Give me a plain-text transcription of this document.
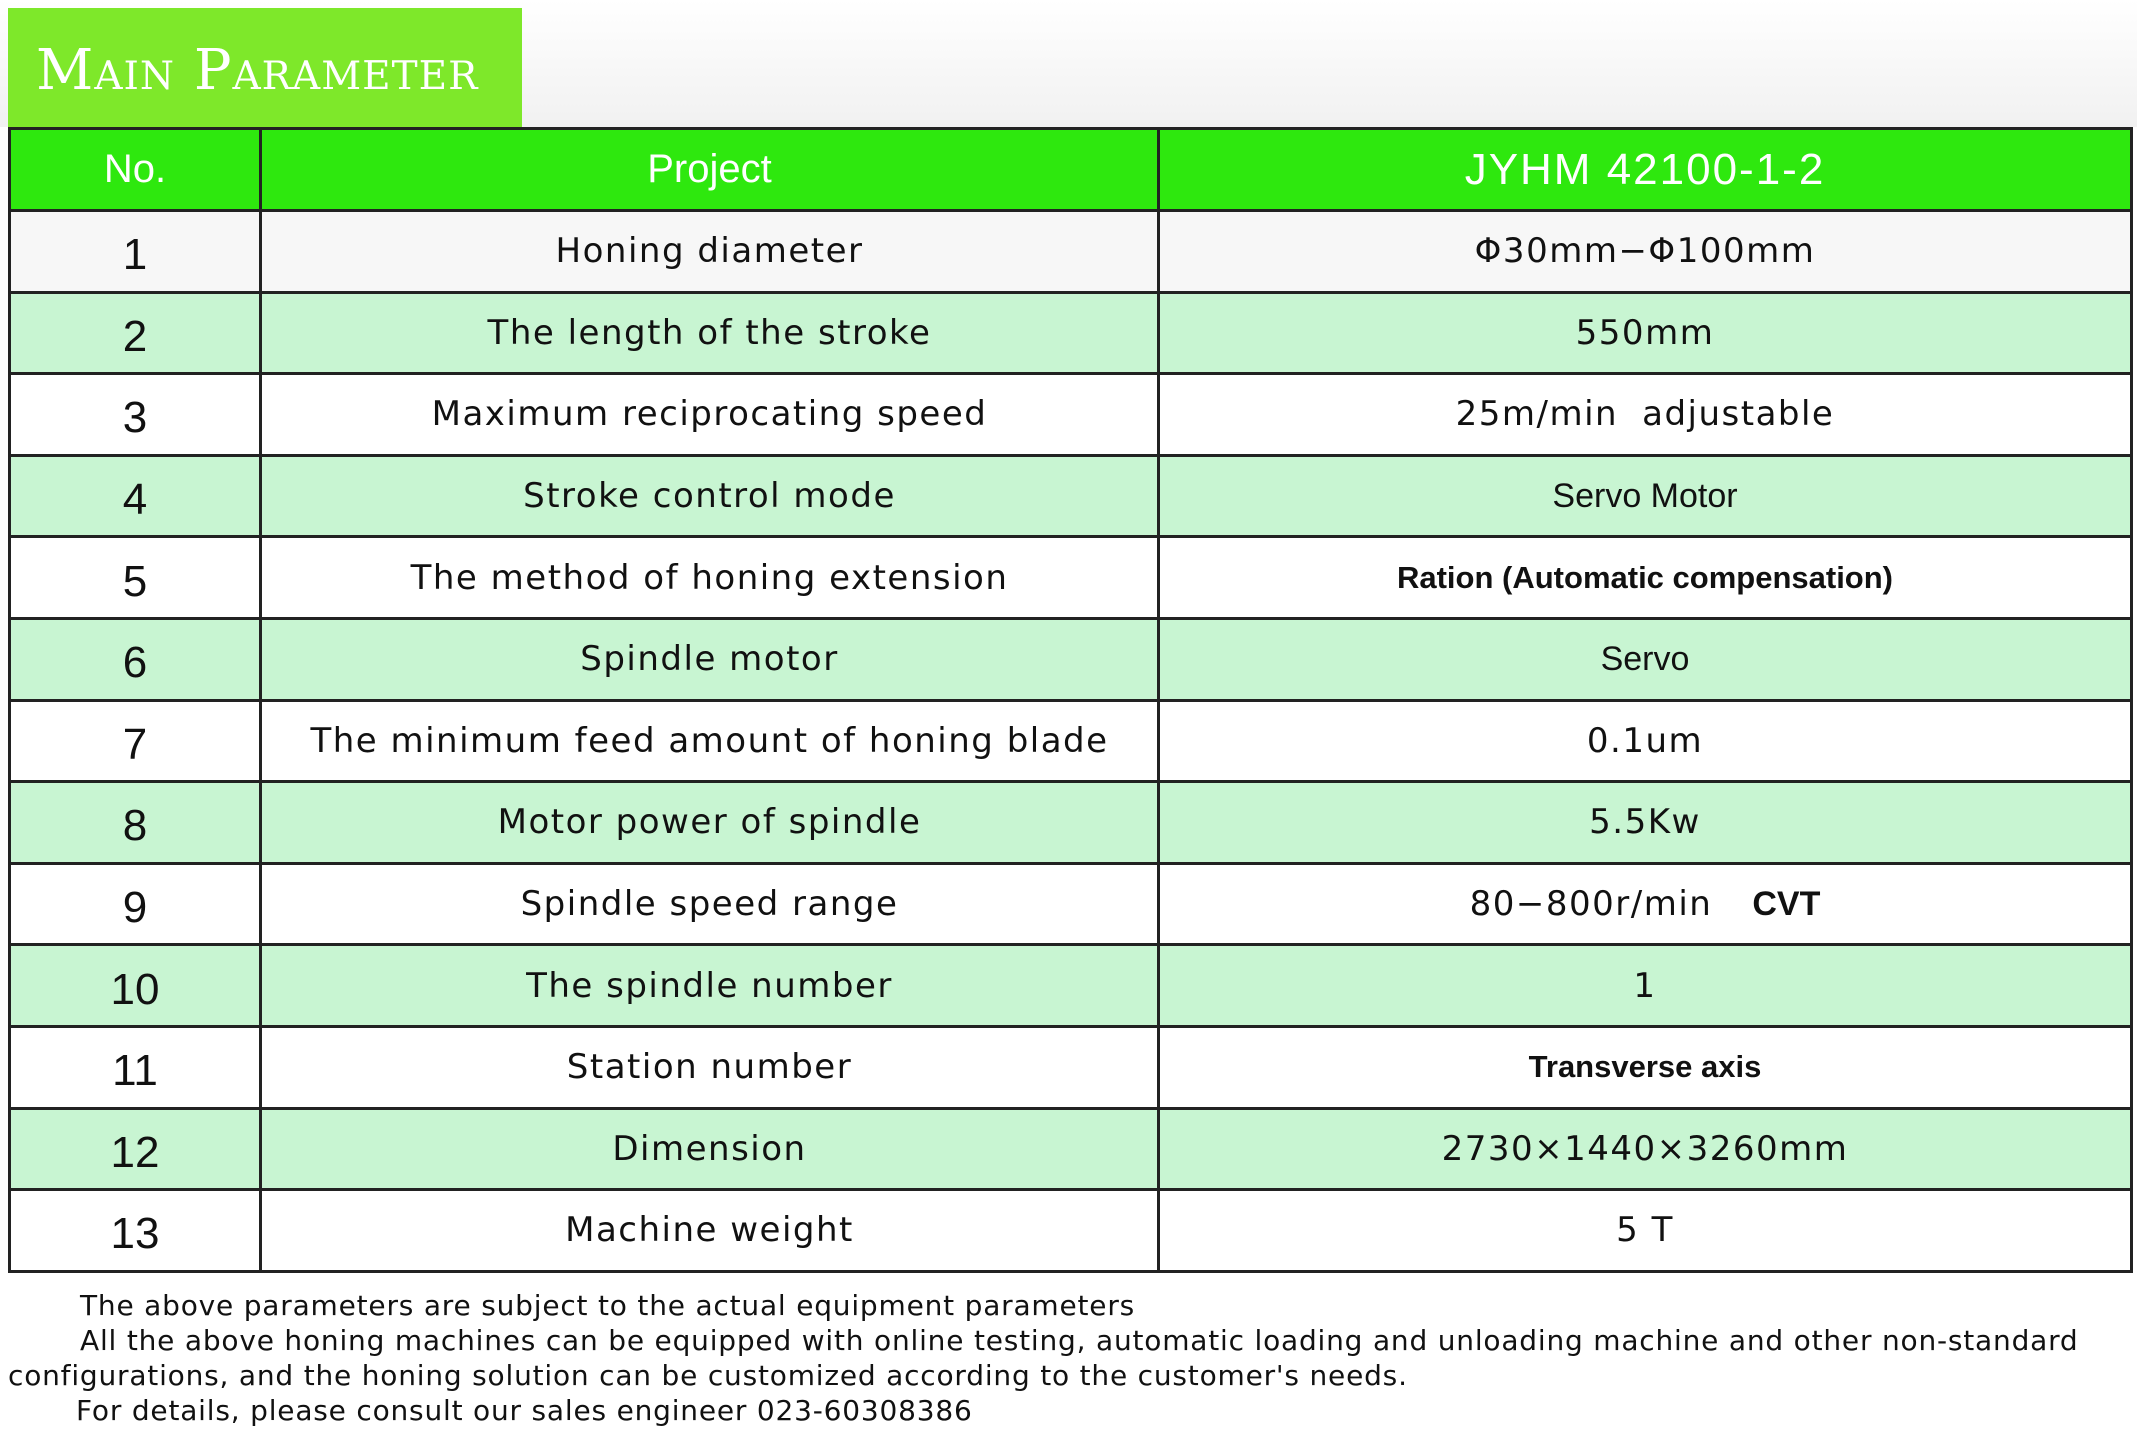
Main Parameter
No.	Project	JYHM 42100-1-2
1	Honing diameter	Φ30mm−Φ100mm
2	The length of the stroke	550mm
3	Maximum reciprocating speed	25m/min adjustable
4	Stroke control mode	Servo Motor
5	The method of honing extension	Ration (Automatic compensation)
6	Spindle motor	Servo
7	The minimum feed amount of honing blade	0.1um
8	Motor power of spindle	5.5Kw
9	Spindle speed range	80−800r/min CVT
10	The spindle number	1
11	Station number	Transverse axis
12	Dimension	2730×1440×3260mm
13	Machine weight	5 T
The above parameters are subject to the actual equipment parameters
All the above honing machines can be equipped with online testing, automatic loading and unloading machine and other non-standard
configurations, and the honing solution can be customized according to the customer's needs.
For details, please consult our sales engineer 023-60308386
